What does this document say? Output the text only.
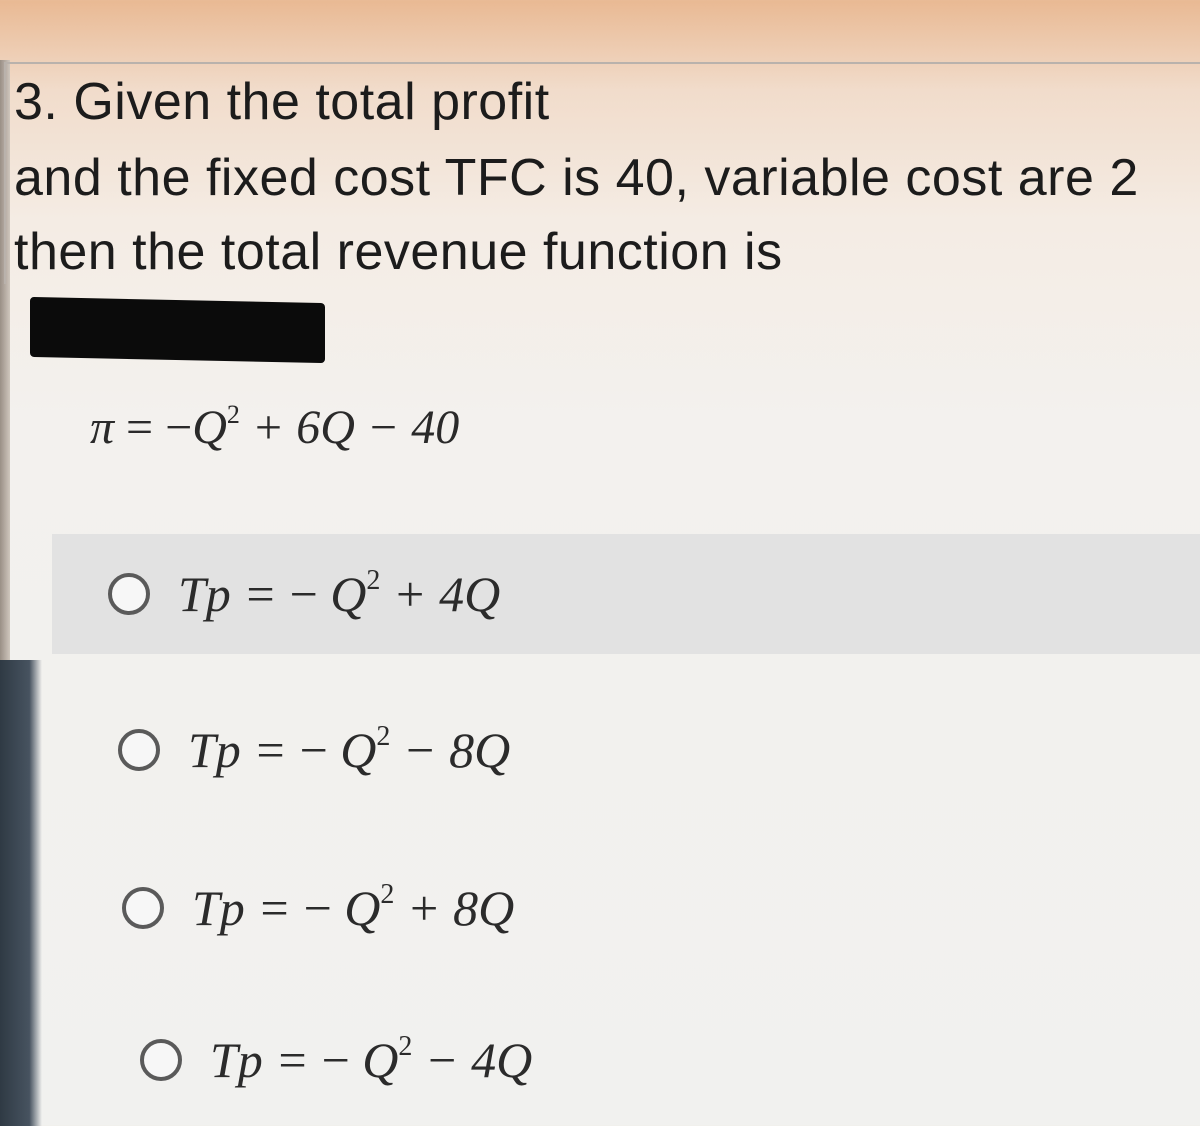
3. Given the total profit
and the fixed cost TFC is 40, variable cost are 2
then the total revenue function is
$\pi = -Q^2 + 6Q - 40$
Tp = − $Q^2 + 4Q$
Tp = − $Q^2 - 8Q$
Tp = − $Q^2 + 8Q$
Tp = − $Q^2 - 4Q$
